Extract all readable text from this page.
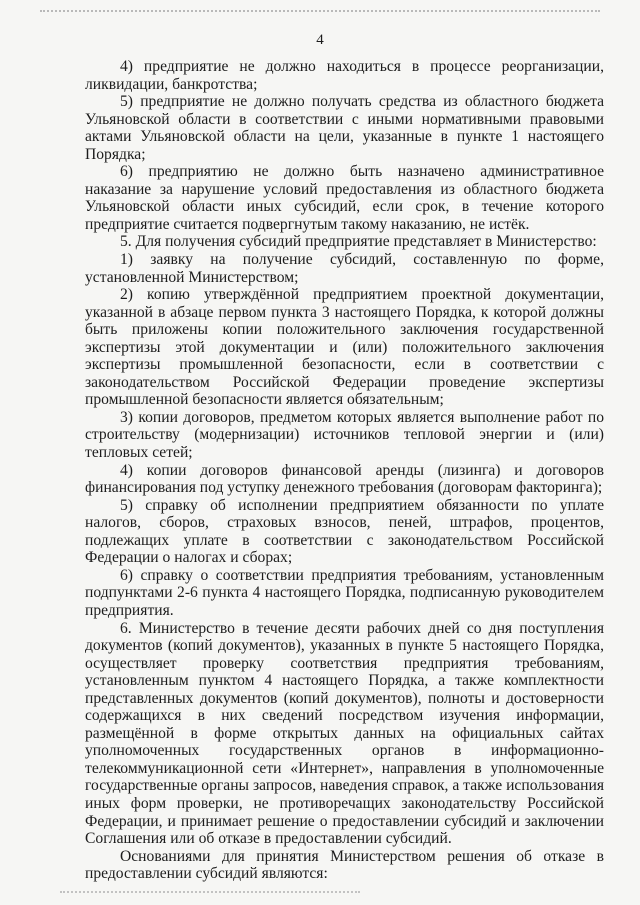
4

4) предприятие не должно находиться в процессе реорганизации, ликвидации, банкротства;

5) предприятие не должно получать средства из областного бюджета Ульяновской области в соответствии с иными нормативными правовыми актами Ульяновской области на цели, указанные в пункте 1 настоящего Порядка;

6) предприятию не должно быть назначено административное наказание за нарушение условий предоставления из областного бюджета Ульяновской области иных субсидий, если срок, в течение которого предприятие считается подвергнутым такому наказанию, не истёк.

5. Для получения субсидий предприятие представляет в Министерство:

1) заявку на получение субсидий, составленную по форме, установленной Министерством;

2) копию утверждённой предприятием проектной документации, указанной в абзаце первом пункта 3 настоящего Порядка, к которой должны быть приложены копии положительного заключения государственной экспертизы этой документации и (или) положительного заключения экспертизы промышленной безопасности, если в соответствии с законодательством Российской Федерации проведение экспертизы промышленной безопасности является обязательным;

3) копии договоров, предметом которых является выполнение работ по строительству (модернизации) источников тепловой энергии и (или) тепловых сетей;

4) копии договоров финансовой аренды (лизинга) и договоров финансирования под уступку денежного требования (договорам факторинга);

5) справку об исполнении предприятием обязанности по уплате налогов, сборов, страховых взносов, пеней, штрафов, процентов, подлежащих уплате в соответствии с законодательством Российской Федерации о налогах и сборах;

6) справку о соответствии предприятия требованиям, установленным подпунктами 2-6 пункта 4 настоящего Порядка, подписанную руководителем предприятия.

6. Министерство в течение десяти рабочих дней со дня поступления документов (копий документов), указанных в пункте 5 настоящего Порядка, осуществляет проверку соответствия предприятия требованиям, установленным пунктом 4 настоящего Порядка, а также комплектности представленных документов (копий документов), полноты и достоверности содержащихся в них сведений посредством изучения информации, размещённой в форме открытых данных на официальных сайтах уполномоченных государственных органов в информационно-телекоммуникационной сети «Интернет», направления в уполномоченные государственные органы запросов, наведения справок, а также использования иных форм проверки, не противоречащих законодательству Российской Федерации, и принимает решение о предоставлении субсидий и заключении Соглашения или об отказе в предоставлении субсидий.

Основаниями для принятия Министерством решения об отказе в предоставлении субсидий являются:
